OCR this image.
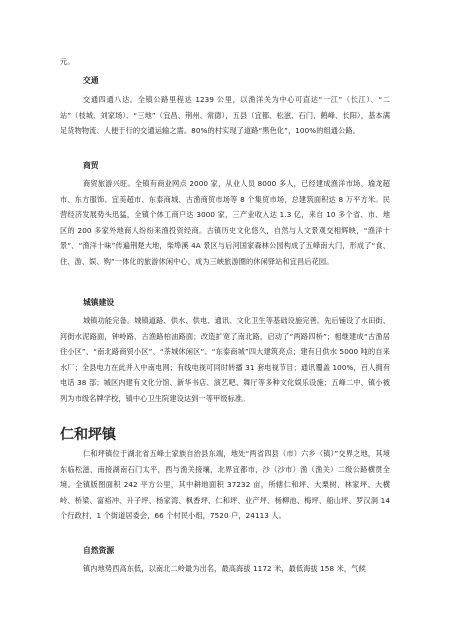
元。

交通

交通四通八达。全镇公路里程达 1239 公里，以渔洋关为中心可直达“一江”（长江）、“二站”（枝城、刘家场）、“三地”（宜昌、荆州、常德），五县（宜都、松滋、石门、鹤峰、长阳），基本满足货物物流、人便于行的交通运输之需。80%的村实现了道路“黑色化”，100%的组通公路。

商贸

商贸旅游兴旺。全镇有商业网点 2000 家，从业人员 8000 多人，已经建成渔洋市场、瑜龙超市、东方服饰、宜美超市、东泰商城、古渔商贸市场等 8 个集贸市场，总建筑面积达 8 万平方米。民营经济发展势头迅猛，全镇个体工商户达 3000 家，三产业收入达 1.3 亿，来自 10 多个省、市、地区的 200 多家外地商人纷纷来渔投资经商。古镇历史文化悠久，自然与人文景观交相辉映，“渔洋十景”、“渔洋十味”传遍荆楚大地，柴埠溪 4A 景区与后河国家森林公园构成了五峰南大门，形成了“食、住、游、娱、购”一体化的旅游休闲中心，成为三峡旅游圈的休闲驿站和宜昌后花园。

城镇建设

城镇功能完备。城镇道路、供水、供电、通讯、文化卫生等基础设施完善。先后铺设了水田街、河街水泥路面，钟岭路、古渔路柏油路面；改造扩宽了南北路，启动了“两路四桥”；相继建成“古渔居住小区”、“南北路商贸小区”、“茶城休闲区”、“东泰商城”四大建筑亮点；建有日供水 5000 吨的自来水厂；全县电力在此并入中南电网；有线电视可同时转播 31 套电视节目；通讯覆盖 100%，百人拥有电话 38 部；城区内建有文化分馆、新华书店、演艺吧、舞厅等多种文化娱乐设施；五峰二中、镇小被列为市级名牌学校，镇中心卫生院建设达到一等甲级标准。

仁和坪镇

仁和坪镇位于湖北省五峰土家族自治县东端，地处“两省四县（市）六乡（镇）”交界之地，其境东临松滋，南接湖南石门太平，西与渔关接壤，北界宜都市，沙（沙市）渔（渔关）二级公路横贯全境。全镇版图面积 242 平方公里，其中耕地面积 37232 亩，所辖仁和坪、大栗树、林家坪、大横岭、桥梁、富裕冲、升子坪、杨家湾、枫香坪、仁和坪、业产坪、杨柳池、梅坪、船山坪、罗汉洞 14 个行政村，1 个街道居委会，66 个村民小组，7520 户，24113 人。

自然资源

镇内地势西高东低，以南北二岭最为出名，最高海拔 1172 米，最低海拔 158 米，气候
